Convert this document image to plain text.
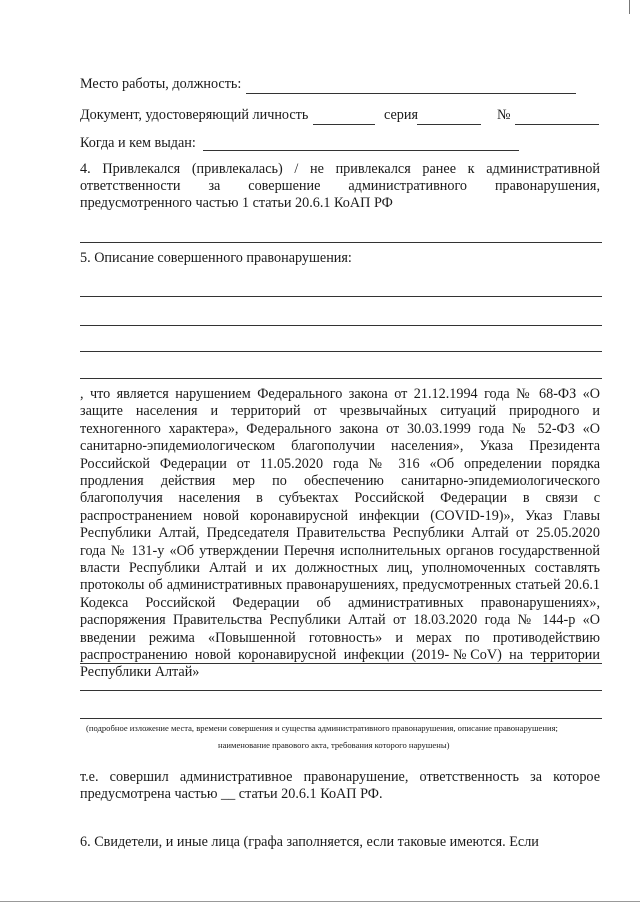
Место работы, должность:
Документ, удостоверяющий личность	серия	№
Когда и кем выдан:
4. Привлекался (привлекалась) / не привлекался ранее к административной
ответственности за совершение административного правонарушения,
предусмотренного частью 1 статьи 20.6.1 КоАП РФ
5. Описание совершенного правонарушения:
, что является нарушением Федерального закона от 21.12.1994 года № 68-ФЗ «О
защите населения и территорий от чрезвычайных ситуаций природного и
техногенного характера», Федерального закона от 30.03.1999 года № 52-ФЗ «О
санитарно-эпидемиологическом благополучии населения», Указа Президента
Российской Федерации от 11.05.2020 года № 316 «Об определении порядка
продления действия мер по обеспечению санитарно-эпидемиологического
благополучия населения в субъектах Российской Федерации в связи с
распространением новой коронавирусной инфекции (COVID-19)», Указ Главы
Республики Алтай, Председателя Правительства Республики Алтай от 25.05.2020
года № 131-у «Об утверждении Перечня исполнительных органов государственной
власти Республики Алтай и их должностных лиц, уполномоченных составлять
протоколы об административных правонарушениях, предусмотренных статьей 20.6.1
Кодекса Российской Федерации об административных правонарушениях»,
распоряжения Правительства Республики Алтай от 18.03.2020 года № 144-р «О
введении режима «Повышенной готовность» и мерах по противодействию
распространению новой коронавирусной инфекции (2019-№CoV) на территории
Республики Алтай»
(подробное изложение места, времени совершения и существа административного правонарушения, описание правонарушения;
наименование правового акта, требования которого нарушены)
т.е. совершил административное правонарушение, ответственность за которое
предусмотрена частью __ статьи 20.6.1 КоАП РФ.
6. Свидетели, и иные лица (графа заполняется, если таковые имеются. Если
